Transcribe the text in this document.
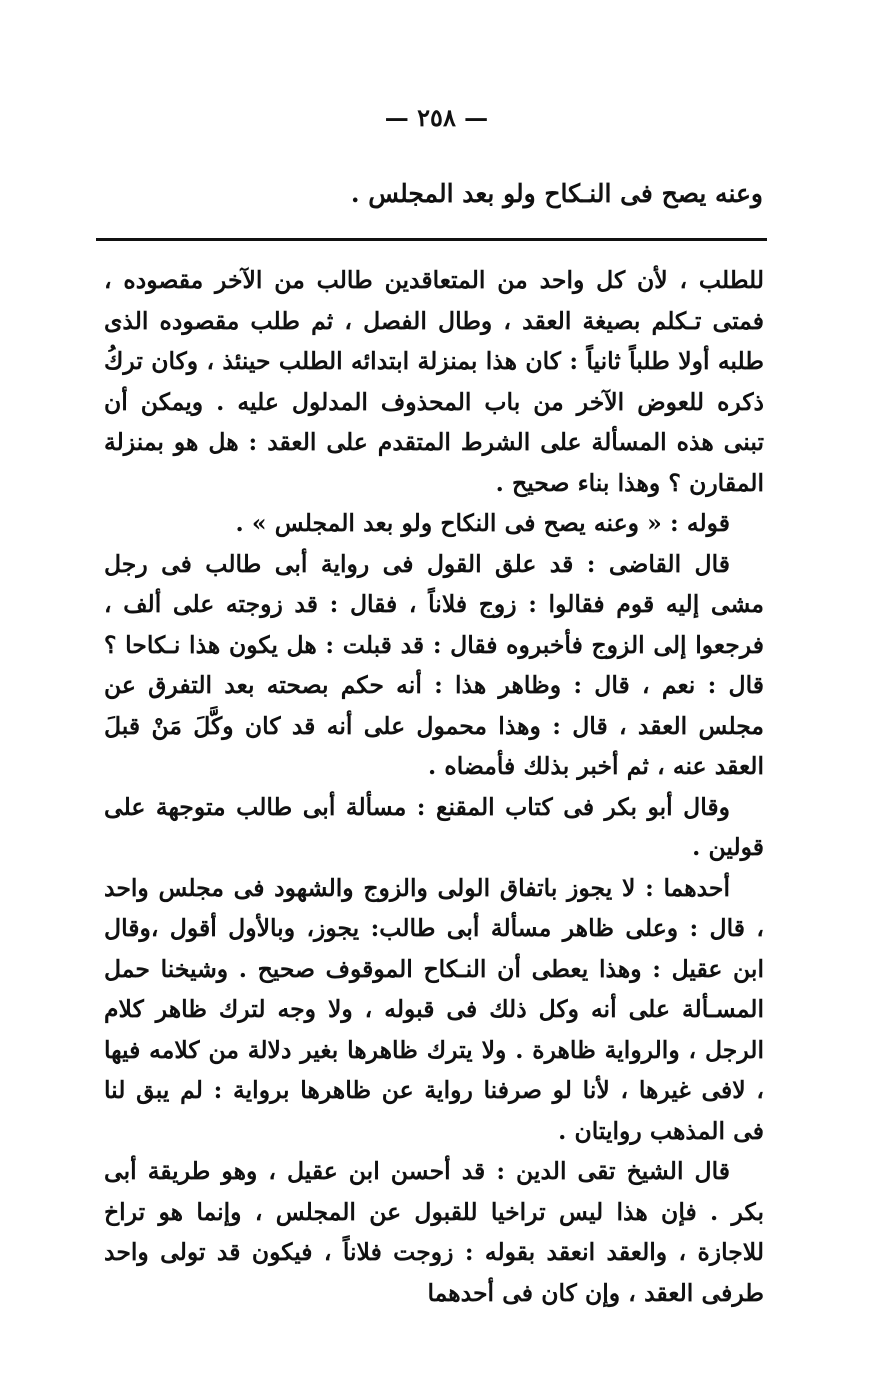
— ٢٥٨ —
وعنه يصح فى النـكاح ولو بعد المجلس .

للطلب ، لأن كل واحد من المتعاقدين طالب من الآخر مقصوده ، فمتى تـكلم بصيغة العقد ، وطال الفصل ، ثم طلب مقصوده الذى طلبه أولا طلباً ثانياً : كان هذا بمنزلة ابتدائه الطلب حينئذ ، وكان تركُ ذكره للعوض الآخر من باب المحذوف المدلول عليه . ويمكن أن تبنى هذه المسألة على الشرط المتقدم على العقد : هل هو بمنزلة المقارن ؟ وهذا بناء صحيح .

قوله : « وعنه يصح فى النكاح ولو بعد المجلس » .

قال القاضى : قد علق القول فى رواية أبى طالب فى رجل مشى إليه قوم فقالوا : زوج فلاناً ، فقال : قد زوجته على ألف ، فرجعوا إلى الزوج فأخبروه فقال : قد قبلت : هل يكون هذا نـكاحا ؟ قال : نعم ، قال : وظاهر هذا : أنه حكم بصحته بعد التفرق عن مجلس العقد ، قال : وهذا محمول على أنه قد كان وكَّلَ مَنْ قبلَ العقد عنه ، ثم أخبر بذلك فأمضاه .

وقال أبو بكر فى كتاب المقنع : مسألة أبى طالب متوجهة على قولين .

أحدهما : لا يجوز باتفاق الولى والزوج والشهود فى مجلس واحد ، قال : وعلى ظاهر مسألة أبى طالب: يجوز، وبالأول أقول ،وقال ابن عقيل : وهذا يعطى أن النـكاح الموقوف صحيح . وشيخنا حمل المسـألة على أنه وكل ذلك فى قبوله ، ولا وجه لترك ظاهر كلام الرجل ، والرواية ظاهرة . ولا يترك ظاهرها بغير دلالة من كلامه فيها ، لافى غيرها ، لأنا لو صرفنا رواية عن ظاهرها برواية : لم يبق لنا فى المذهب روايتان .

قال الشيخ تقى الدين : قد أحسن ابن عقيل ، وهو طريقة أبى بكر . فإن هذا ليس تراخيا للقبول عن المجلس ، وإنما هو تراخ للاجازة ، والعقد انعقد بقوله : زوجت فلاناً ، فيكون قد تولى واحد طرفى العقد ، وإن كان فى أحدهما
